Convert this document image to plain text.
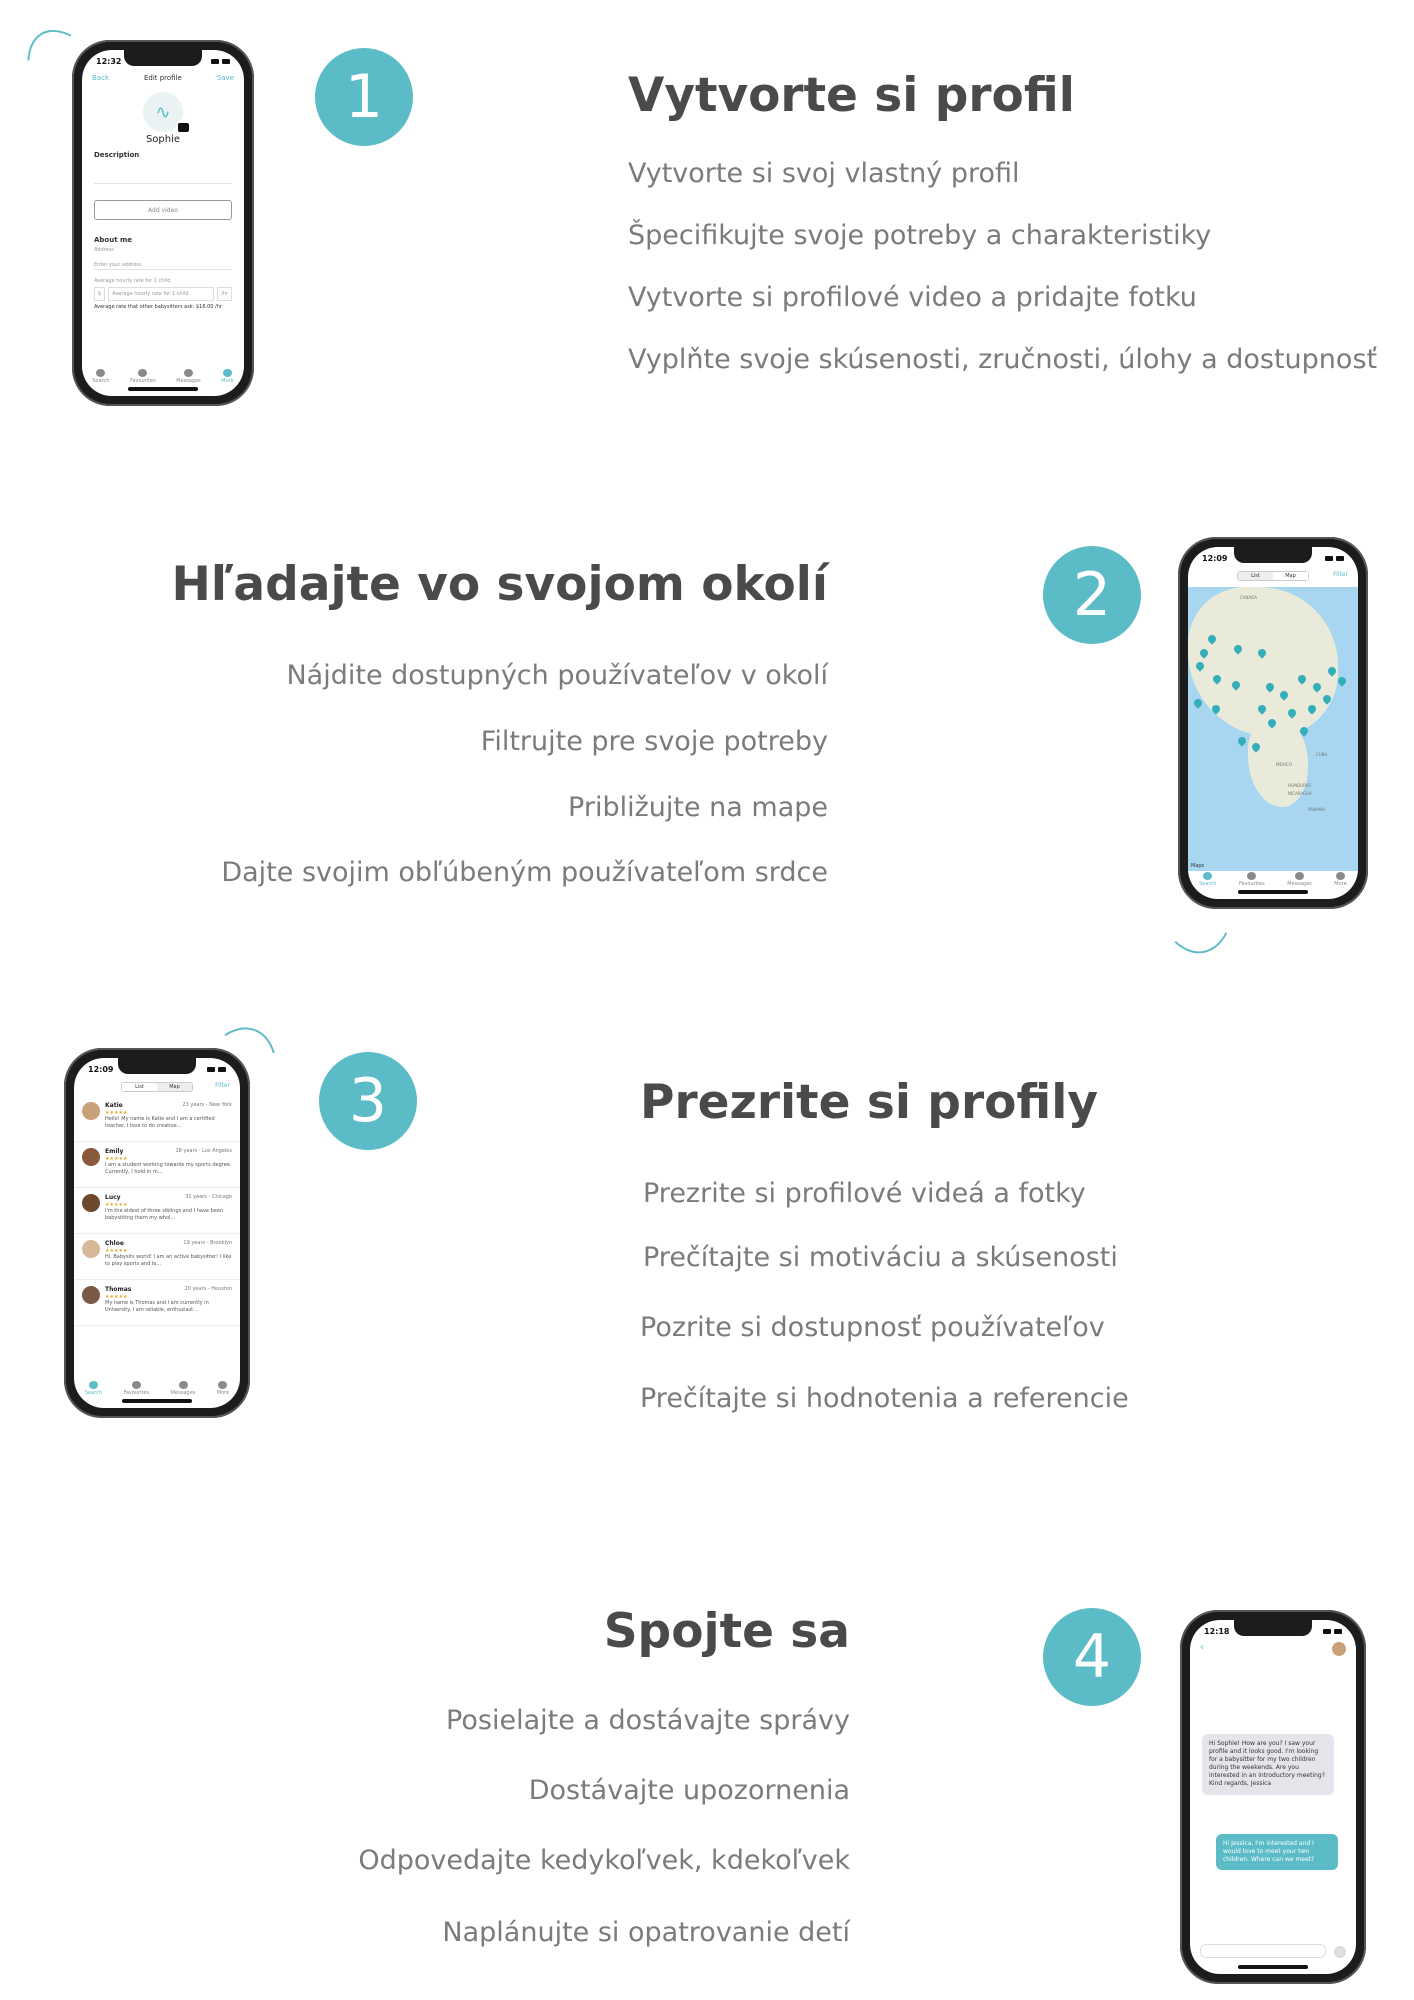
12:32
Back	Edit profile	Save
∿
Sophie
Description
Add video
About me
Address
Enter your address
Average hourly rate for 1 child
$	Average hourly rate for 1 child	/hr
Average rate that other babysitters ask: $16.00 /hr
Search	Favourites	Messages	More
1	Vytvorte si profil
Vytvorte si svoj vlastný profil
Špecifikujte svoje potreby a charakteristiky
Vytvorte si profilové video a pridajte fotku
Vyplňte svoje skúsenosti, zručnosti, úlohy a dostupnosť
Hľadajte vo svojom okolí
Nájdite dostupných používateľov v okolí
Filtrujte pre svoje potreby
Približujte na mape
Dajte svojim obľúbeným používateľom srdce
2
12:09
List	Map	Filter
CANADA
MEXICO
CUBA
HONDURAS
NICARAGUA
PANAMA
Maps
Search	Favourites	Messages	More
12:09
List	Map	Filter
23 years - New York
Katie
★★★★★
Hello! My name is Katie and I am a certified teacher. I love to do creative...
18 years - Los Angeles
Emily
★★★★★
I am a student working towards my sports degree. Currently, I hold in m...
31 years - Chicago
Lucy
★★★★★
I'm the eldest of three siblings and I have been babysitting them my whol...
19 years - Brooklyn
Chloe
★★★★★
Hi, Babysits world! I am an active babysitter! I like to play sports and le...
20 years - Houston
Thomas
★★★★★
My name is Thomas and I am currently in University. I am reliable, enthusiast...
Search	Favourites	Messages	More
3	Prezrite si profily
Prezrite si profilové videá a fotky
Prečítajte si motiváciu a skúsenosti
Pozrite si dostupnosť používateľov
Prečítajte si hodnotenia a referencie
Spojte sa
Posielajte a dostávajte správy
Dostávajte upozornenia
Odpovedajte kedykoľvek, kdekoľvek
Naplánujte si opatrovanie detí
4	12:18
‹
Hi Sophie! How are you? I saw your profile and it looks good. I'm looking for a babysitter for my two children during the weekends. Are you interested in an introductory meeting? Kind regards, Jessica
Hi Jessica, I'm interested and I would love to meet your two children. Where can we meet?
